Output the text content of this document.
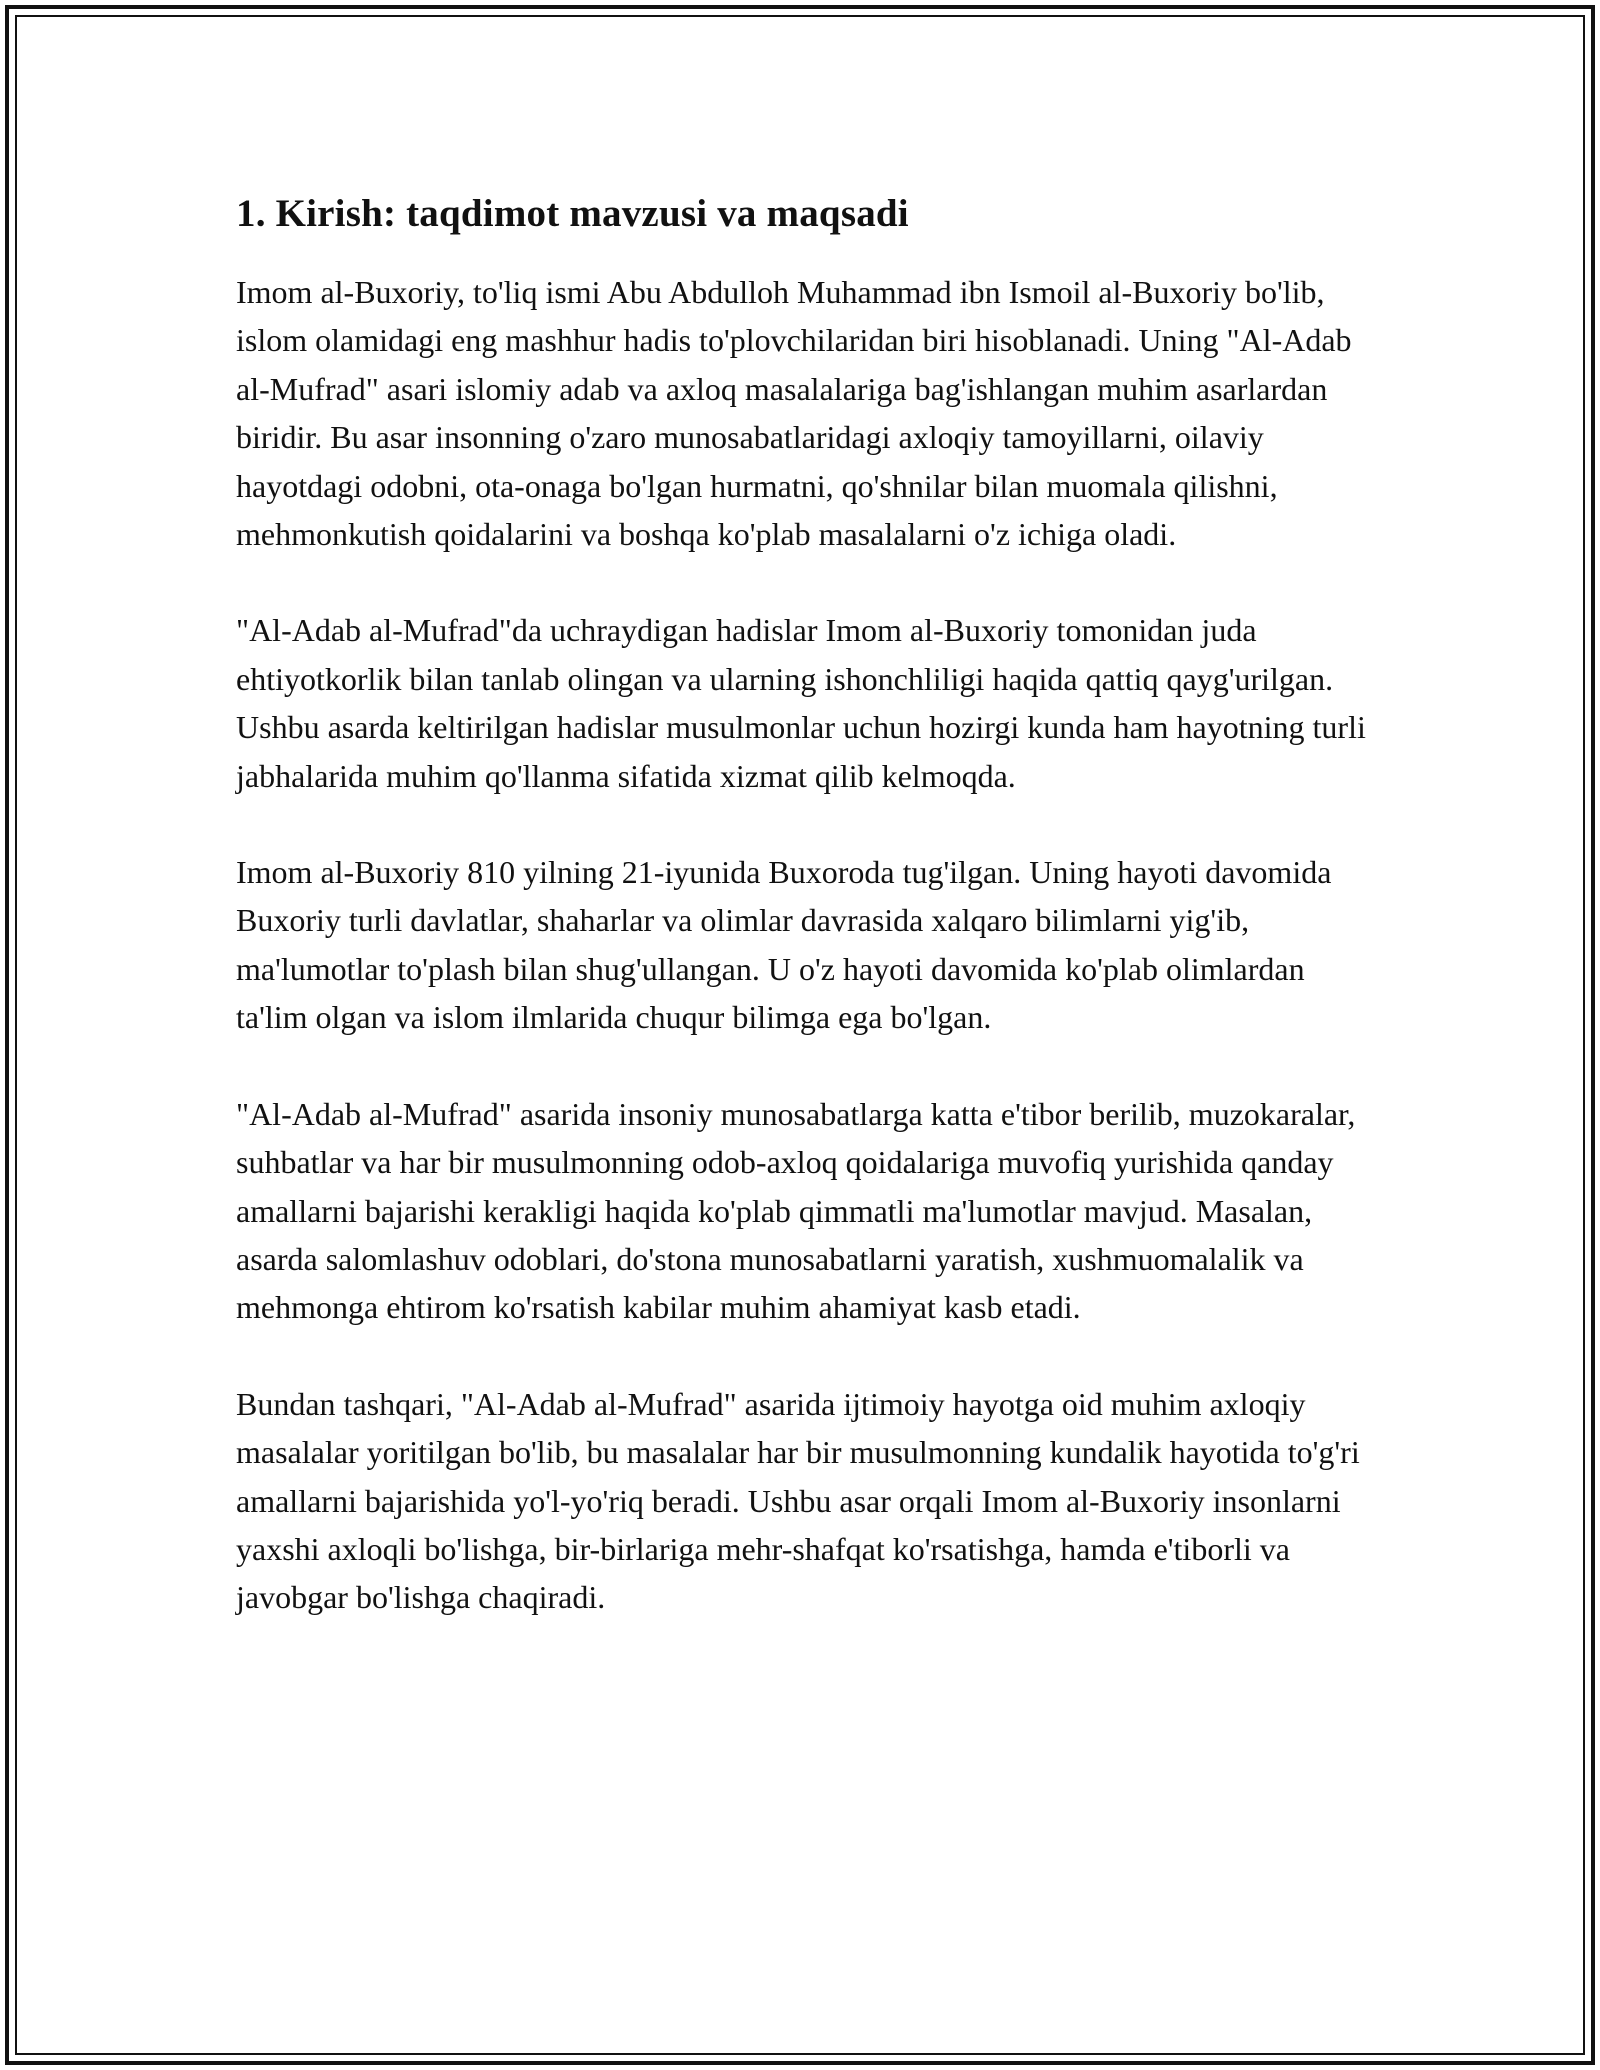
1. Kirish: taqdimot mavzusi va maqsadi

Imom al-Buxoriy, to'liq ismi Abu Abdulloh Muhammad ibn Ismoil al-Buxoriy bo'lib, islom olamidagi eng mashhur hadis to'plovchilaridan biri hisoblanadi. Uning "Al-Adab al-Mufrad" asari islomiy adab va axloq masalalariga bag'ishlangan muhim asarlardan biridir. Bu asar insonning o'zaro munosabatlaridagi axloqiy tamoyillarni, oilaviy hayotdagi odobni, ota-onaga bo'lgan hurmatni, qo'shnilar bilan muomala qilishni, mehmonkutish qoidalarini va boshqa ko'plab masalalarni o'z ichiga oladi.

"Al-Adab al-Mufrad"da uchraydigan hadislar Imom al-Buxoriy tomonidan juda ehtiyotkorlik bilan tanlab olingan va ularning ishonchliligi haqida qattiq qayg'urilgan. Ushbu asarda keltirilgan hadislar musulmonlar uchun hozirgi kunda ham hayotning turli jabhalarida muhim qo'llanma sifatida xizmat qilib kelmoqda.

Imom al-Buxoriy 810 yilning 21-iyunida Buxoroda tug'ilgan. Uning hayoti davomida Buxoriy turli davlatlar, shaharlar va olimlar davrasida xalqaro bilimlarni yig'ib, ma'lumotlar to'plash bilan shug'ullangan. U o'z hayoti davomida ko'plab olimlardan ta'lim olgan va islom ilmlarida chuqur bilimga ega bo'lgan.

"Al-Adab al-Mufrad" asarida insoniy munosabatlarga katta e'tibor berilib, muzokaralar, suhbatlar va har bir musulmonning odob-axloq qoidalariga muvofiq yurishida qanday amallarni bajarishi kerakligi haqida ko'plab qimmatli ma'lumotlar mavjud. Masalan, asarda salomlashuv odoblari, do'stona munosabatlarni yaratish, xushmuomalalik va mehmonga ehtirom ko'rsatish kabilar muhim ahamiyat kasb etadi.

Bundan tashqari, "Al-Adab al-Mufrad" asarida ijtimoiy hayotga oid muhim axloqiy masalalar yoritilgan bo'lib, bu masalalar har bir musulmonning kundalik hayotida to'g'ri amallarni bajarishida yo'l-yo'riq beradi. Ushbu asar orqali Imom al-Buxoriy insonlarni yaxshi axloqli bo'lishga, bir-birlariga mehr-shafqat ko'rsatishga, hamda e'tiborli va javobgar bo'lishga chaqiradi.
